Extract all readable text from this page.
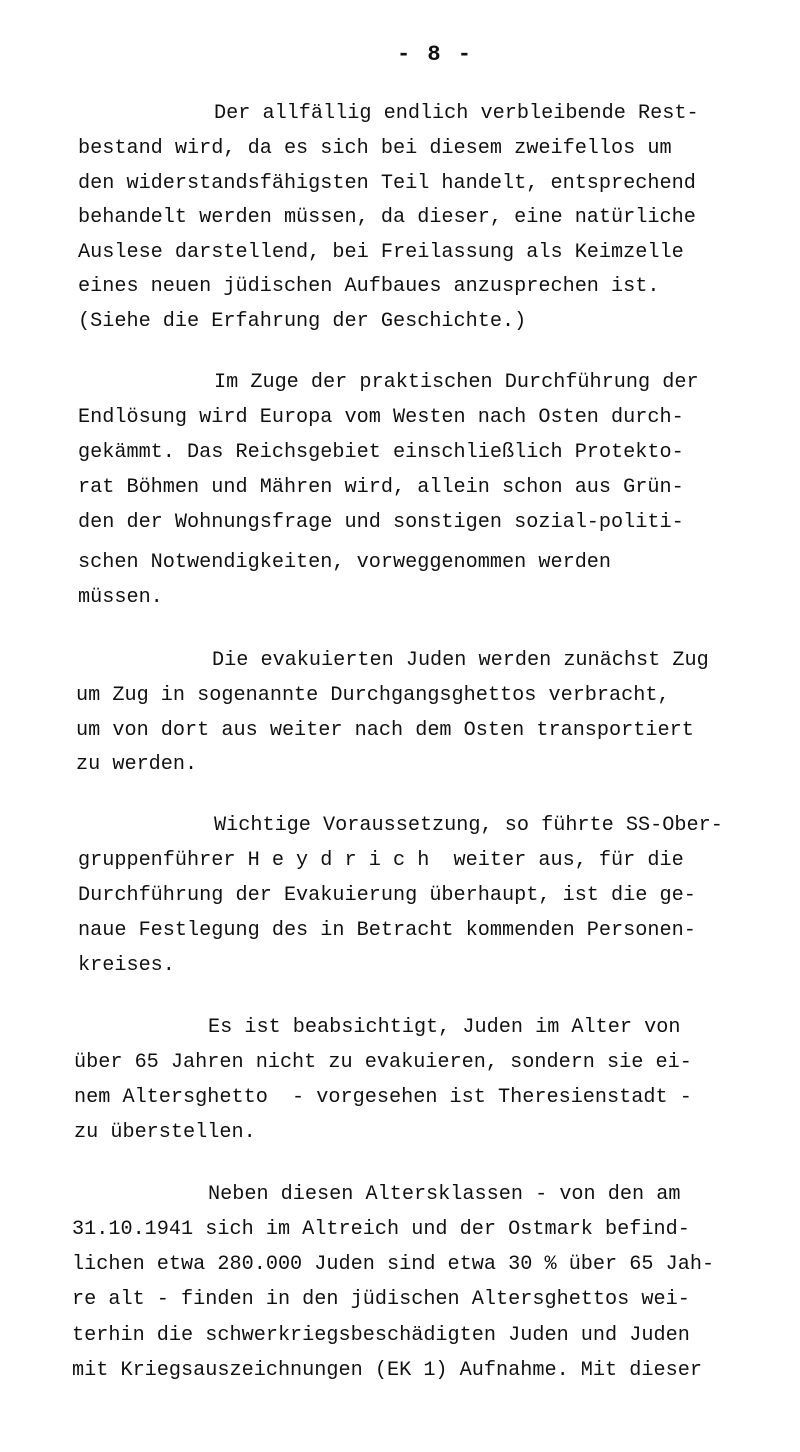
- 8 -
Der allfällig endlich verbleibende Rest-
bestand wird, da es sich bei diesem zweifellos um
den widerstandsfähigsten Teil handelt, entsprechend
behandelt werden müssen, da dieser, eine natürliche
Auslese darstellend, bei Freilassung als Keimzelle
eines neuen jüdischen Aufbaues anzusprechen ist.
(Siehe die Erfahrung der Geschichte.)
Im Zuge der praktischen Durchführung der
Endlösung wird Europa vom Westen nach Osten durch-
gekämmt. Das Reichsgebiet einschließlich Protekto-
rat Böhmen und Mähren wird, allein schon aus Grün-
den der Wohnungsfrage und sonstigen sozial-politi-
schen Notwendigkeiten, vorweggenommen werden
müssen.
Die evakuierten Juden werden zunächst Zug
um Zug in sogenannte Durchgangsghettos verbracht,
um von dort aus weiter nach dem Osten transportiert
zu werden.
Wichtige Voraussetzung, so führte SS-Ober-
gruppenführer H e y d r i c h  weiter aus, für die
Durchführung der Evakuierung überhaupt, ist die ge-
naue Festlegung des in Betracht kommenden Personen-
kreises.
Es ist beabsichtigt, Juden im Alter von
über 65 Jahren nicht zu evakuieren, sondern sie ei-
nem Altersghetto  - vorgesehen ist Theresienstadt -
zu überstellen.
Neben diesen Altersklassen - von den am
31.10.1941 sich im Altreich und der Ostmark befind-
lichen etwa 280.000 Juden sind etwa 30 % über 65 Jah-
re alt - finden in den jüdischen Altersghettos wei-
terhin die schwerkriegsbeschädigten Juden und Juden
mit Kriegsauszeichnungen (EK 1) Aufnahme. Mit dieser
